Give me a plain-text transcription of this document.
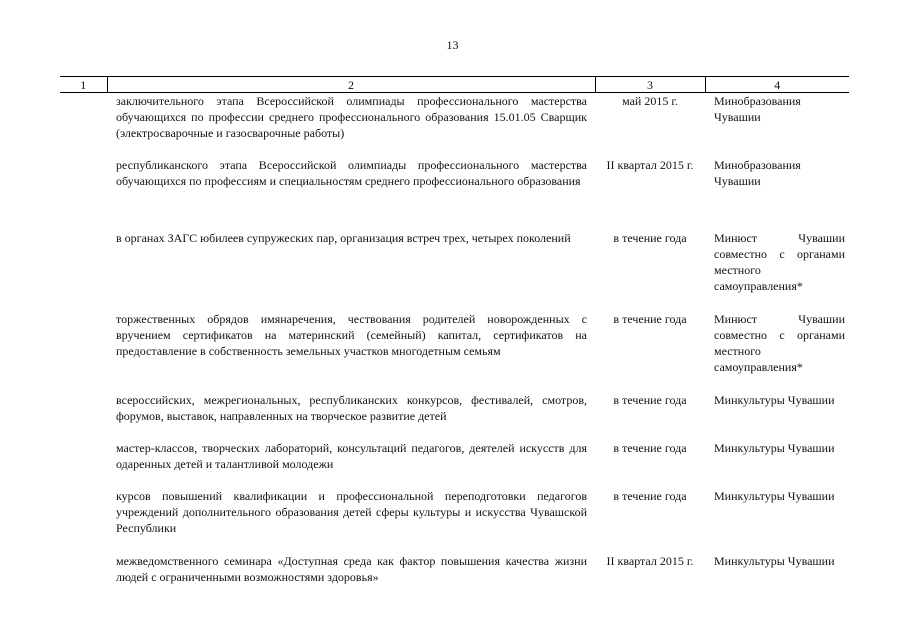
13
1	2	3	4
	заключительного этапа Всероссийской олимпиады профессионального мастерства обучающихся по профессии среднего профессионального образования 15.01.05 Сварщик (электросварочные и газосварочные работы)	май 2015 г.	Минобразования Чувашии
	республиканского этапа Всероссийской олимпиады профессионального мастерства обучающихся по профессиям и специальностям среднего профессионального образования	II квартал 2015 г.	Минобразования Чувашии
	в органах ЗАГС юбилеев супружеских пар, организация встреч трех, четырех поколений	в течение года	Минюст Чувашии совместно с органами местного самоуправления*
	торжественных обрядов имянаречения, чествования родителей новорожденных с вручением сертификатов на материнский (семейный) капитал, сертификатов на предоставление в собственность земельных участков многодетным семьям	в течение года	Минюст Чувашии совместно с органами местного самоуправления*
	всероссийских, межрегиональных, республиканских конкурсов, фестивалей, смотров, форумов, выставок, направленных на творческое развитие детей	в течение года	Минкультуры Чувашии
	мастер-классов, творческих лабораторий, консультаций педагогов, деятелей искусств для одаренных детей и талантливой молодежи	в течение года	Минкультуры Чувашии
	курсов повышений квалификации и профессиональной переподготовки педагогов учреждений дополнительного образования детей сферы культуры и искусства Чувашской Республики	в течение года	Минкультуры Чувашии
	межведомственного семинара «Доступная среда как фактор повышения качества жизни людей с ограниченными возможностями здоровья»	II квартал 2015 г.	Минкультуры Чувашии
